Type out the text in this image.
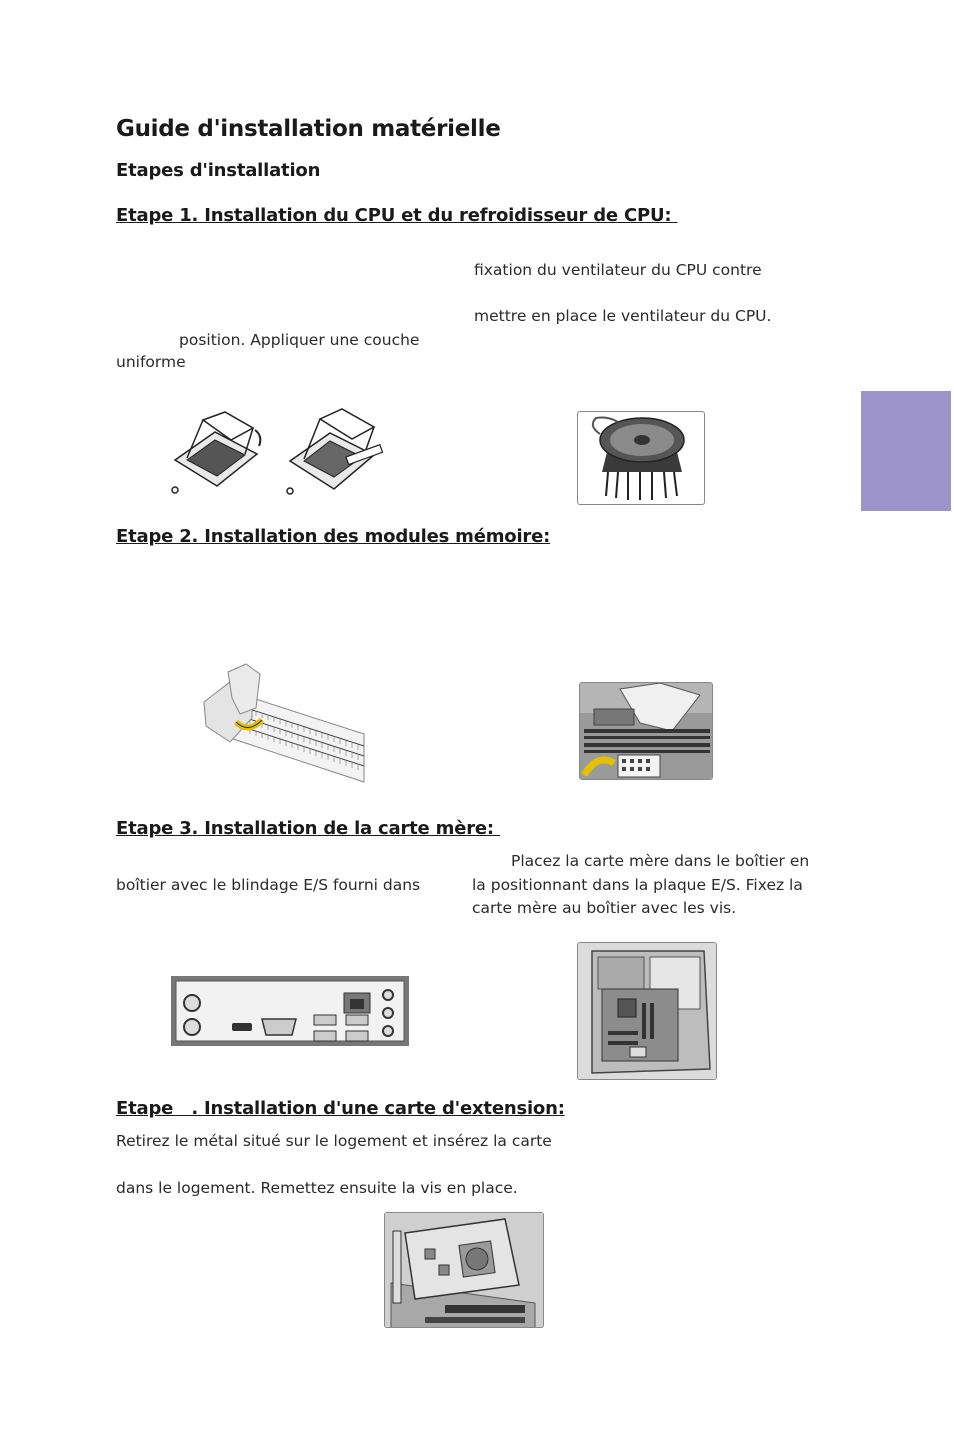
Guide d'installation matérielle
Etapes d'installation
Etape 1. Installation du CPU et du refroidisseur de CPU:
fixation du ventilateur du CPU contre
mettre en place le ventilateur du CPU.
position. Appliquer une couche
uniforme
Etape 2. Installation des modules mémoire:
Etape 3. Installation de la carte mère:
Placez la carte mère dans le boîtier en
boîtier avec le blindage E/S fourni dans	la positionnant dans la plaque E/S. Fixez la
carte mère au boîtier avec les vis.
Etape   . Installation d'une carte d'extension:
Retirez le métal situé sur le logement et insérez la carte
dans le logement. Remettez ensuite la vis en place.
